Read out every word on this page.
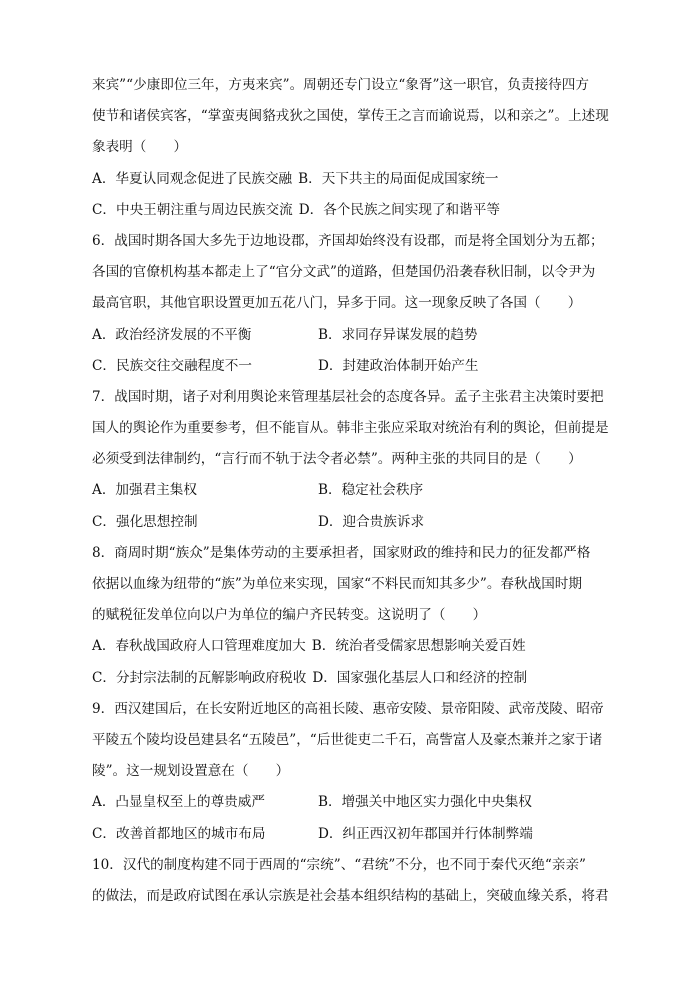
来宾”“少康即位三年，方夷来宾”。周朝还专门设立“象胥”这一职官，负责接待四方
使节和诸侯宾客，“掌蛮夷闽貉戎狄之国使，掌传王之言而谕说焉，以和亲之”。上述现
象表明（　　）
A．华夏认同观念促进了民族交融 B．天下共主的局面促成国家统一
C．中央王朝注重与周边民族交流 D．各个民族之间实现了和谐平等
6．战国时期各国大多先于边地设郡，齐国却始终没有设郡，而是将全国划分为五都；
各国的官僚机构基本都走上了“官分文武”的道路，但楚国仍沿袭春秋旧制，以令尹为
最高官职，其他官职设置更加五花八门，异多于同。这一现象反映了各国（　　）
A．政治经济发展的不平衡	B．求同存异谋发展的趋势
C．民族交往交融程度不一	D．封建政治体制开始产生
7．战国时期，诸子对利用舆论来管理基层社会的态度各异。孟子主张君主决策时要把
国人的舆论作为重要参考，但不能盲从。韩非主张应采取对统治有利的舆论，但前提是
必须受到法律制约，“言行而不轨于法令者必禁”。两种主张的共同目的是（　　）
A．加强君主集权	B．稳定社会秩序
C．强化思想控制	D．迎合贵族诉求
8．商周时期“族众”是集体劳动的主要承担者，国家财政的维持和民力的征发都严格
依据以血缘为纽带的“族”为单位来实现，国家“不料民而知其多少”。春秋战国时期
的赋税征发单位向以户为单位的编户齐民转变。这说明了（　　）
A．春秋战国政府人口管理难度加大 B．统治者受儒家思想影响关爱百姓
C．分封宗法制的瓦解影响政府税收 D．国家强化基层人口和经济的控制
9．西汉建国后，在长安附近地区的高祖长陵、惠帝安陵、景帝阳陵、武帝茂陵、昭帝
平陵五个陵均设邑建县名“五陵邑”，“后世徙吏二千石，高訾富人及豪杰兼并之家于诸
陵”。这一规划设置意在（　　）
A．凸显皇权至上的尊贵威严	B．增强关中地区实力强化中央集权
C．改善首都地区的城市布局	D．纠正西汉初年郡国并行体制弊端
10．汉代的制度构建不同于西周的“宗统”、“君统”不分，也不同于秦代灭绝“亲亲”
的做法，而是政府试图在承认宗族是社会基本组织结构的基础上，突破血缘关系，将君
